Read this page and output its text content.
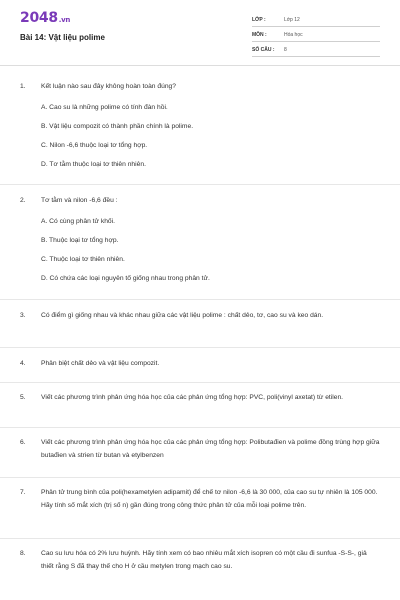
2048.vn
Bài 14: Vật liệu polime
LỚP :	Lớp 12
MÔN :	Hóa học
SỐ CÂU : 8
1.	Kết luận nào sau đây không hoàn toàn đúng?
A. Cao su là những polime có tính đàn hồi.
B. Vật liệu compozit có thành phần chính là polime.
C. Nilon -6,6 thuộc loại tơ tổng hợp.
D. Tơ tằm thuộc loại tơ thiên nhiên.
2.	Tơ tằm và nilon -6,6 đều :
A. Có cùng phân tử khối.
B. Thuộc loại tơ tổng hợp.
C. Thuộc loại tơ thiên nhiên.
D. Có chứa các loại nguyên tố giống nhau trong phân tử.
3.	Có điểm gì giống nhau và khác nhau giữa các vật liệu polime : chất dẻo, tơ, cao su và keo dán.
4.	Phân biệt chất dẻo và vật liệu compozit.
5.	Viết các phương trình phản ứng hóa học của các phản ứng tổng hợp: PVC, poli(vinyl axetat) từ etilen.
6.	Viết các phương trình phản ứng hóa học của các phản ứng tổng hợp: Polibutađien và polime đồng trùng hợp giữa butađien và strien từ butan và etylbenzen
7.	Phân tử trung bình của poli(hexametylen adipamit) để chế tơ nilon -6,6 là 30 000, của cao su tự nhiên là 105 000. Hãy tính số mắt xích (trị số n) gần đúng trong công thức phân tử của mỗi loại polime trên.
8.	Cao su lưu hóa có 2% lưu huỳnh. Hãy tính xem có bao nhiêu mắt xích isopren có một cầu đi sunfua -S-S-, giả thiết rằng S đã thay thế cho H ở cầu metylen trong mạch cao su.
